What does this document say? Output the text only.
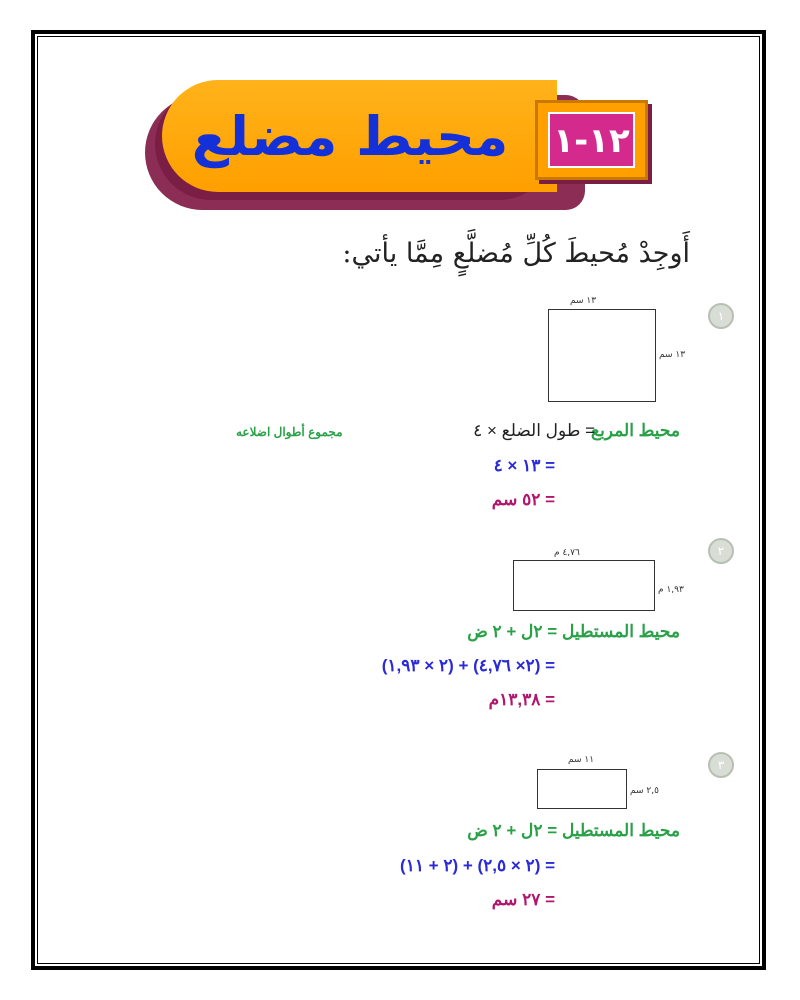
محيط مضلع ١٢-١
أَوجِدْ مُحيطَ كُلِّ مُضلَّعٍ مِمَّا يأتي:
١
١٣ سم
١٣ سم
محيط المربع
= طول الضلع × ٤
مجموع أطوال اضلاعه
= ١٣ × ٤
= ٥٢ سم
٢
٤,٧٦ م
١,٩٣ م
محيط المستطيل = ٢ل + ٢ ض
= (٢× ٤,٧٦) + (٢ × ١,٩٣)
= ١٣,٣٨م
٣
١١ سم
٢,٥ سم
محيط المستطيل = ٢ل + ٢ ض
= (٢ × ٢,٥) + (٢ + ١١)
= ٢٧ سم
